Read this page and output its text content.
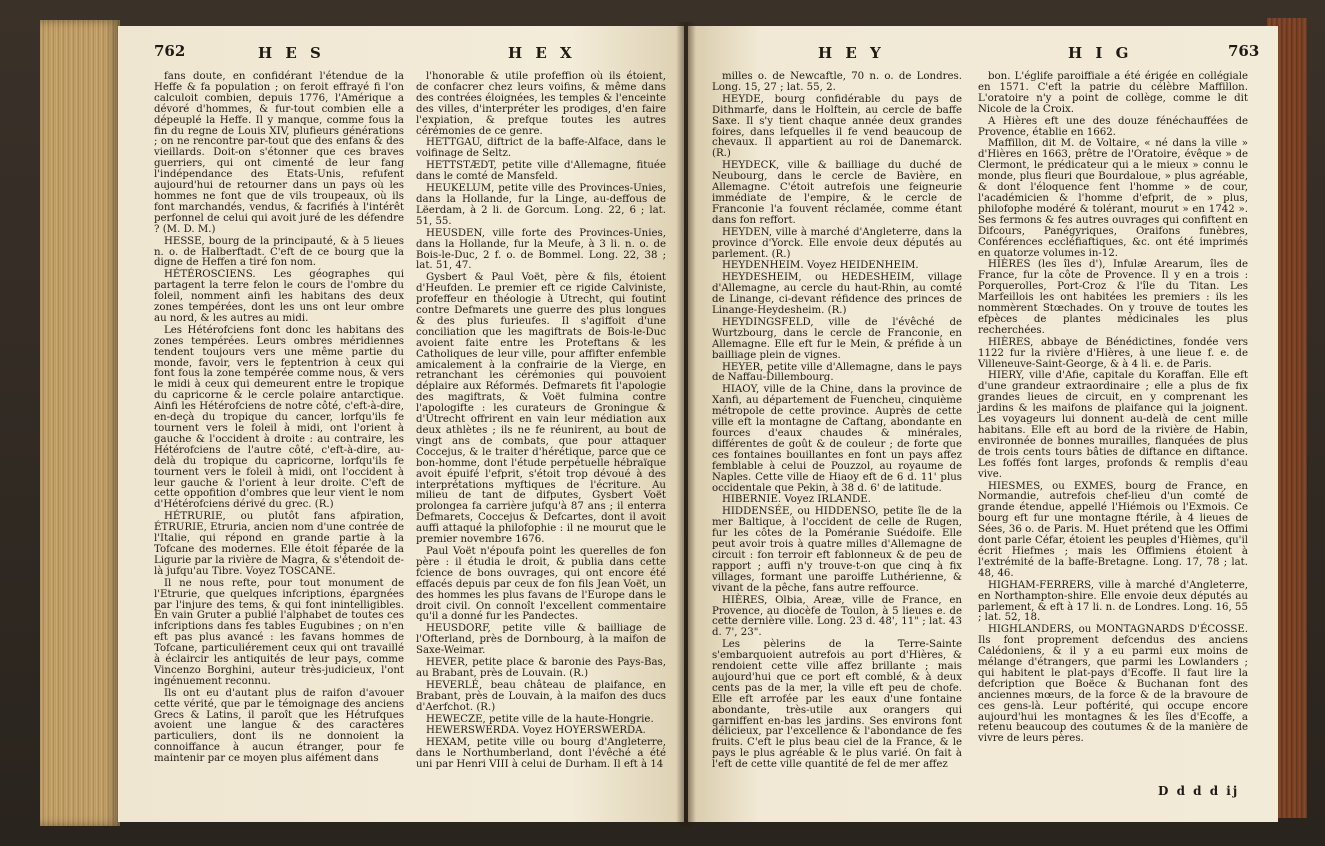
762	H E S	H E X

fans doute, en confidérant l'étendue de la Heffe & fa population ; on feroit effrayé fi l'on calculoit combien, depuis 1776, l'Amérique a dévoré d'hommes, & fur-tout combien elle a dépeuplé la Heffe. Il y manque, comme fous la fin du regne de Louis XIV, plufieurs générations ; on ne rencontre par-tout que des enfans & des vieillards. Doit-on s'étonner que ces braves guerriers, qui ont cimenté de leur fang l'indépendance des Etats-Unis, refufent aujourd'hui de retourner dans un pays où les hommes ne font que de vils troupeaux, où ils font marchandés, vendus, & facrifiés à l'intérêt perfonnel de celui qui avoit juré de les défendre ? (M. D. M.)

HESSE, bourg de la principauté, & à 5 lieues n. o. de Halberftadt. C'eft de ce bourg que la digne de Heffen a tiré fon nom.

HÉTÉROSCIENS. Les géographes qui partagent la terre felon le cours de l'ombre du foleil, nomment ainfi les habitans des deux zones tempérées, dont les uns ont leur ombre au nord, & les autres au midi.

Les Hétérofciens font donc les habitans des zones tempérées. Leurs ombres méridiennes tendent toujours vers une même partie du monde, favoir, vers le feptentrion à ceux qui font fous la zone tempérée comme nous, & vers le midi à ceux qui demeurent entre le tropique du capricorne & le cercle polaire antarctique. Ainfi les Hétérofciens de notre côté, c'eft-à-dire, en-deçà du tropique du cancer, lorfqu'ils fe tournent vers le foleil à midi, ont l'orient à gauche & l'occident à droite : au contraire, les Hétérofciens de l'autre côté, c'eft-à-dire, au-delà du tropique du capricorne, lorfqu'ils fe tournent vers le foleil à midi, ont l'occident à leur gauche & l'orient à leur droite. C'eft de cette oppofition d'ombres que leur vient le nom d'Hétérofciens dérivé du grec. (R.)

HÉTRURIE, ou plutôt fans afpiration, ÉTRURIE, Etruria, ancien nom d'une contrée de l'Italie, qui répond en grande partie à la Tofcane des modernes. Elle étoit féparée de la Ligurie par la rivière de Magra, & s'étendoit de-là jufqu'au Tibre. Voyez TOSCANE.

Il ne nous refte, pour tout monument de l'Etrurie, que quelques infcriptions, épargnées par l'injure des tems, & qui font inintelligibles. En vain Gruter a publié l'alphabet de toutes ces infcriptions dans fes tables Eugubines ; on n'en eft pas plus avancé : les favans hommes de Tofcane, particuliérement ceux qui ont travaillé à éclaircir les antiquités de leur pays, comme Vincenzo Borghini, auteur très-judicieux, l'ont ingénuement reconnu.

Ils ont eu d'autant plus de raifon d'avouer cette vérité, que par le témoignage des anciens Grecs & Latins, il paroît que les Hétrufques avoient une langue & des caractères particuliers, dont ils ne donnoient la connoiffance à aucun étranger, pour fe maintenir par ce moyen plus aifément dans

l'honorable & utile profeffion où ils étoient, de confacrer chez leurs voifins, & même dans des contrées éloignées, les temples & l'enceinte des villes, d'interpréter les prodiges, d'en faire l'expiation, & prefque toutes les autres cérémonies de ce genre.

HETTGAU, diftrict de la baffe-Alface, dans le voifinage de Seltz.

HETTSTÆDT, petite ville d'Allemagne, fituée dans le comté de Mansfeld.

HEUKELUM, petite ville des Provinces-Unies, dans la Hollande, fur la Linge, au-deffous de Lëerdam, à 2 li. de Gorcum. Long. 22, 6 ; lat. 51, 55.

HEUSDEN, ville forte des Provinces-Unies, dans la Hollande, fur la Meufe, à 3 li. n. o. de Bois-le-Duc, 2 f. o. de Bommel. Long. 22, 38 ; lat. 51, 47.

Gysbert & Paul Voët, père & fils, étoient d'Heufden. Le premier eft ce rigide Calviniste, profeffeur en théologie à Utrecht, qui foutint contre Defmarets une guerre des plus longues & des plus furieufes. Il s'agiffoit d'une conciliation que les magiftrats de Bois-le-Duc avoient faite entre les Proteftans & les Catholiques de leur ville, pour affifter enfemble amicalement à la confrairie de la Vierge, en retranchant les cérémonies qui pouvoient déplaire aux Réformés. Defmarets fit l'apologie des magiftrats, & Voët fulmina contre l'apologifte : les curateurs de Groningue & d'Utrecht offrirent en vain leur médiation aux deux athlètes ; ils ne fe réunirent, au bout de vingt ans de combats, que pour attaquer Coccejus, & le traiter d'hérétique, parce que ce bon-homme, dont l'étude perpétuelle hébraïque avoit épuifé l'efprit, s'étoit trop dévoué à des interprétations myftiques de l'écriture. Au milieu de tant de difputes, Gysbert Voët prolongea fa carrière jufqu'à 87 ans ; il enterra Defmarets, Coccejus & Defcartes, dont il avoit auffi attaqué la philofophie : il ne mourut que le premier novembre 1676.

Paul Voët n'époufa point les querelles de fon père : il étudia le droit, & publia dans cette fcience de bons ouvrages, qui ont encore été effacés depuis par ceux de fon fils Jean Voët, un des hommes les plus favans de l'Europe dans le droit civil. On connoît l'excellent commentaire qu'il a donné fur les Pandectes.

HEUSDORF, petite ville & bailliage de l'Ofterland, près de Dornbourg, à la maifon de Saxe-Weimar.

HEVER, petite place & baronie des Pays-Bas, au Brabant, près de Louvain. (R.)

HEVERLÉ, beau château de plaifance, en Brabant, près de Louvain, à la maifon des ducs d'Aerfchot. (R.)

HEWECZE, petite ville de la haute-Hongrie.

HEWERSWERDA. Voyez HOYERSWERDA.

HEXAM, petite ville ou bourg d'Angleterre, dans le Northumberland, dont l'évêché a été uni par Henri VIII à celui de Durham. Il eft à 14

H E Y	H I G	763

milles o. de Newcaftle, 70 n. o. de Londres. Long. 15, 27 ; lat. 55, 2.

HEYDE, bourg confidérable du pays de Dithmarfe, dans le Holftein, au cercle de baffe Saxe. Il s'y tient chaque année deux grandes foires, dans lefquelles il fe vend beaucoup de chevaux. Il appartient au roi de Danemarck. (R.)

HEYDECK, ville & bailliage du duché de Neubourg, dans le cercle de Bavière, en Allemagne. C'étoit autrefois une feigneurie immédiate de l'empire, & le cercle de Franconie l'a fouvent réclamée, comme étant dans fon reffort.

HEYDEN, ville à marché d'Angleterre, dans la province d'Yorck. Elle envoie deux députés au parlement. (R.)

HEYDENHEIM. Voyez HEIDENHEIM.

HEYDESHEIM, ou HEDESHEIM, village d'Allemagne, au cercle du haut-Rhin, au comté de Linange, ci-devant réfidence des princes de Linange-Heydesheim. (R.)

HEYDINGSFELD, ville de l'évêché de Wurtzbourg, dans le cercle de Franconie, en Allemagne. Elle eft fur le Mein, & préfide à un bailliage plein de vignes.

HEYER, petite ville d'Allemagne, dans le pays de Naffau-Dillembourg.

HIAOY, ville de la Chine, dans la province de Xanfi, au département de Fuencheu, cinquième métropole de cette province. Auprès de cette ville eft la montagne de Caftang, abondante en fources d'eaux chaudes & minérales, différentes de goût & de couleur ; de forte que ces fontaines bouillantes en font un pays affez femblable à celui de Pouzzol, au royaume de Naples. Cette ville de Hiaoy eft de 6 d. 11' plus occidentale que Pekin, à 38 d. 6' de latitude.

HIBERNIE. Voyez IRLANDE.

HIDDENSÉE, ou HIDDENSO, petite île de la mer Baltique, à l'occident de celle de Rugen, fur les côtes de la Poméranie Suédoife. Elle peut avoir trois à quatre milles d'Allemagne de circuit : fon terroir eft fablonneux & de peu de rapport ; auffi n'y trouve-t-on que cinq à fix villages, formant une paroiffe Luthérienne, & vivant de la pêche, fans autre reffource.

HIÈRES, Olbia, Areæ, ville de France, en Provence, au diocèfe de Toulon, à 5 lieues e. de cette dernière ville. Long. 23 d. 48', 11" ; lat. 43 d. 7', 23".

Les pèlerins de la Terre-Sainte s'embarquoient autrefois au port d'Hières, & rendoient cette ville affez brillante ; mais aujourd'hui que ce port eft comblé, & à deux cents pas de la mer, la ville eft peu de chofe. Elle eft arrofée par les eaux d'une fontaine abondante, très-utile aux orangers qui garniffent en-bas les jardins. Ses environs font délicieux, par l'excellence & l'abondance de fes fruits. C'eft le plus beau ciel de la France, & le pays le plus agréable & le plus varié. On fait à l'eft de cette ville quantité de fel de mer affez

bon. L'églife paroiffiale a été érigée en collégiale en 1571. C'eft la patrie du célèbre Maffillon. L'oratoire n'y a point de collège, comme le dit Nicole de la Croix.

A Hières eft une des douze fénéchauffées de Provence, établie en 1662.

Maffillon, dit M. de Voltaire, « né dans la ville » d'Hières en 1663, prêtre de l'Oratoire, évêque » de Clermont, le prédicateur qui a le mieux » connu le monde, plus fleuri que Bourdaloue, » plus agréable, & dont l'éloquence fent l'homme » de cour, l'académicien & l'homme d'efprit, de » plus, philofophe modéré & tolérant, mourut » en 1742 ». Ses fermons & fes autres ouvrages qui confiftent en Difcours, Panégyriques, Oraifons funèbres, Conférences eccléfiaftiques, &c. ont été imprimés en quatorze volumes in-12.

HIÈRES (les îles d'), Infulæ Arearum, îles de France, fur la côte de Provence. Il y en a trois : Porquerolles, Port-Croz & l'île du Titan. Les Marfeillois les ont habitées les premiers : ils les nommèrent Stœchades. On y trouve de toutes les efpèces de plantes médicinales les plus recherchées.

HIÈRES, abbaye de Bénédictines, fondée vers 1122 fur la rivière d'Hières, à une lieue f. e. de Villeneuve-Saint-George, & à 4 li. e. de Paris.

HIERY, ville d'Afie, capitale du Koraffan. Elle eft d'une grandeur extraordinaire ; elle a plus de fix grandes lieues de circuit, en y comprenant les jardins & les maifons de plaifance qui la joignent. Les voyageurs lui donnent au-delà de cent mille habitans. Elle eft au bord de la rivière de Habin, environnée de bonnes murailles, flanquées de plus de trois cents tours bâties de diftance en diftance. Les foffés font larges, profonds & remplis d'eau vive.

HIESMES, ou EXMES, bourg de France, en Normandie, autrefois chef-lieu d'un comté de grande étendue, appellé l'Hiémois ou l'Exmois. Ce bourg eft fur une montagne ftérile, à 4 lieues de Sées, 36 o. de Paris. M. Huet prétend que les Offimi dont parle Céfar, étoient les peuples d'Hièmes, qu'il écrit Hiefmes ; mais les Offimiens étoient à l'extrémité de la baffe-Bretagne. Long. 17, 78 ; lat. 48, 46.

HIGHAM-FERRERS, ville à marché d'Angleterre, en Northampton-shire. Elle envoie deux députés au parlement, & eft à 17 li. n. de Londres. Long. 16, 55 ; lat. 52, 18.

HIGHLANDERS, ou MONTAGNARDS D'ÉCOSSE. Ils font proprement defcendus des anciens Calédoniens, & il y a eu parmi eux moins de mélange d'étrangers, que parmi les Lowlanders ; qui habitent le plat-pays d'Ecoffe. Il faut lire la defcription que Boëce & Buchanan font des anciennes mœurs, de la force & de la bravoure de ces gens-là. Leur poftérité, qui occupe encore aujourd'hui les montagnes & les îles d'Ecoffe, a retenu beaucoup des coutumes & de la manière de vivre de leurs pères.

D d d d ij
